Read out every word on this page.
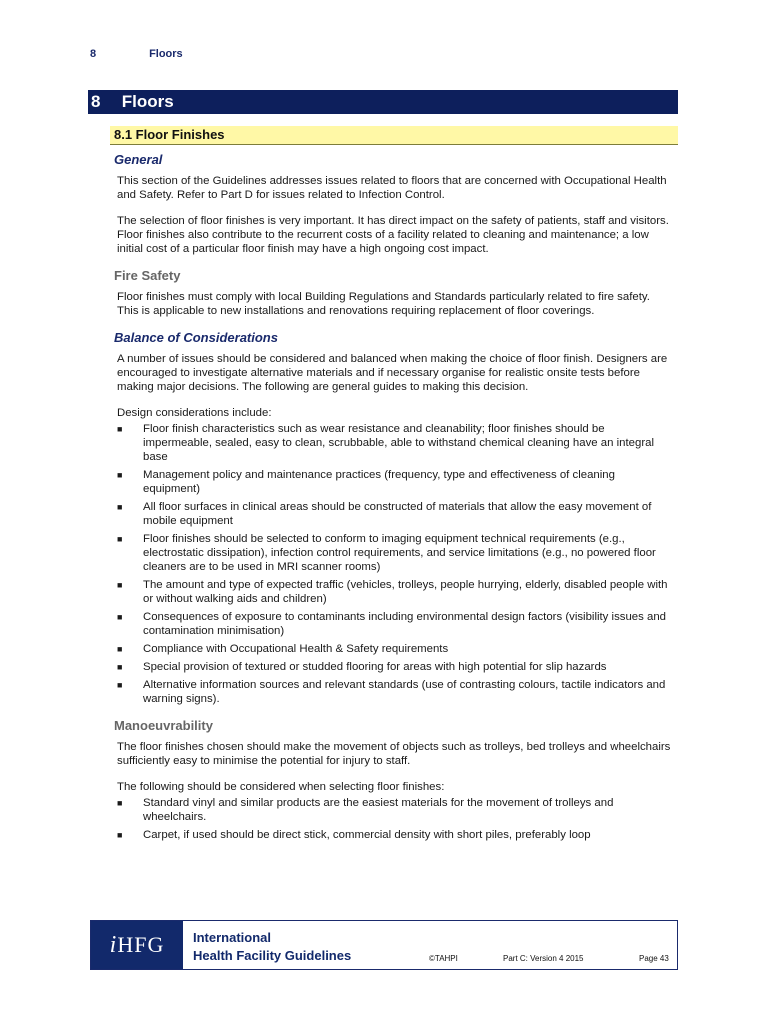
8	Floors
8 Floors
8.1 Floor Finishes
General

This section of the Guidelines addresses issues related to floors that are concerned with Occupational Health and Safety. Refer to Part D for issues related to Infection Control.

The selection of floor finishes is very important. It has direct impact on the safety of patients, staff and visitors. Floor finishes also contribute to the recurrent costs of a facility related to cleaning and maintenance; a low initial cost of a particular floor finish may have a high ongoing cost impact.

Fire Safety

Floor finishes must comply with local Building Regulations and Standards particularly related to fire safety. This is applicable to new installations and renovations requiring replacement of floor coverings.

Balance of Considerations

A number of issues should be considered and balanced when making the choice of floor finish. Designers are encouraged to investigate alternative materials and if necessary organise for realistic onsite tests before making major decisions. The following are general guides to making this decision.

Design considerations include:

■ Floor finish characteristics such as wear resistance and cleanability; floor finishes should be impermeable, sealed, easy to clean, scrubbable, able to withstand chemical cleaning have an integral base
■ Management policy and maintenance practices (frequency, type and effectiveness of cleaning equipment)
■ All floor surfaces in clinical areas should be constructed of materials that allow the easy movement of mobile equipment
■ Floor finishes should be selected to conform to imaging equipment technical requirements (e.g., electrostatic dissipation), infection control requirements, and service limitations (e.g., no powered floor cleaners are to be used in MRI scanner rooms)
■ The amount and type of expected traffic (vehicles, trolleys, people hurrying, elderly, disabled people with or without walking aids and children)
■ Consequences of exposure to contaminants including environmental design factors (visibility issues and contamination minimisation)
■ Compliance with Occupational Health & Safety requirements
■ Special provision of textured or studded flooring for areas with high potential for slip hazards
■ Alternative information sources and relevant standards (use of contrasting colours, tactile indicators and warning signs).
Manoeuvrability

The floor finishes chosen should make the movement of objects such as trolleys, bed trolleys and wheelchairs sufficiently easy to minimise the potential for injury to staff.

The following should be considered when selecting floor finishes:

■ Standard vinyl and similar products are the easiest materials for the movement of trolleys and wheelchairs.
■ Carpet, if used should be direct stick, commercial density with short piles, preferably loop
i HFG International
Health Facility Guidelines	©TAHPI	Part C: Version 4 2015	Page 43
